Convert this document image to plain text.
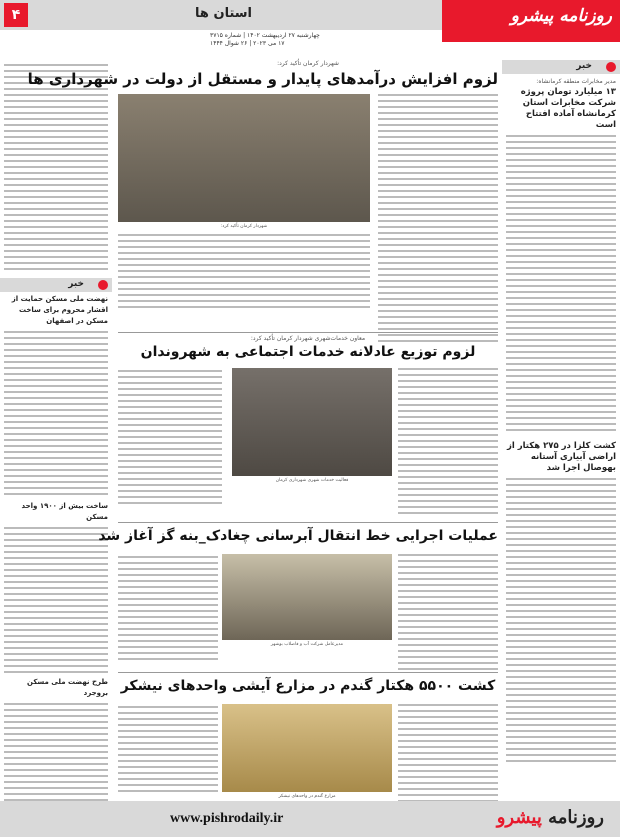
۴	استان ها	روزنامه پیشرو
چهارشنبه ۲۷ اردیبهشت ۱۴۰۲ | شماره ۳۷۱۵
۱۷ می ۲۰۲۳ | ۲۶ شوال ۱۴۴۴
خبر
مدیر مخابرات منطقه کرمانشاه:
۱۳ میلیارد تومان پروژه شرکت مخابرات استان کرمانشاه آماده افتتاح است
کشت کلزا در ۲۷۵ هکتار از اراضی آبیاری آستانه بهوصال اجرا شد
خبر
نهضت ملی مسکن حمایت از اقشار محروم برای ساخت مسکن در اصفهان
ساخت بیش از ۱۹۰۰ واحد مسکن
طرح نهضت ملی مسکن بروجرد
شهردار کرمان تأکید کرد:
لزوم افزایش درآمدهای پایدار و مستقل از دولت در شهرداری ها
شهردار کرمان تأکید کرد:
معاون خدمات‌شهری شهردار کرمان تأکید کرد:
لزوم توزیع عادلانه خدمات اجتماعی به شهروندان
فعالیت خدمات شهری شهرداری کرمان
عملیات اجرایی خط انتقال آبرسانی چغادک_بنه گز آغاز شد
مدیرعامل شرکت آب و فاضلاب بوشهر
کشت ۵۵۰۰ هکتار گندم در مزارع آیشی واحدهای نیشکر
مزارع گندم در واحدهای نیشکر
روزنامه پیشرو
www.pishrodaily.ir
